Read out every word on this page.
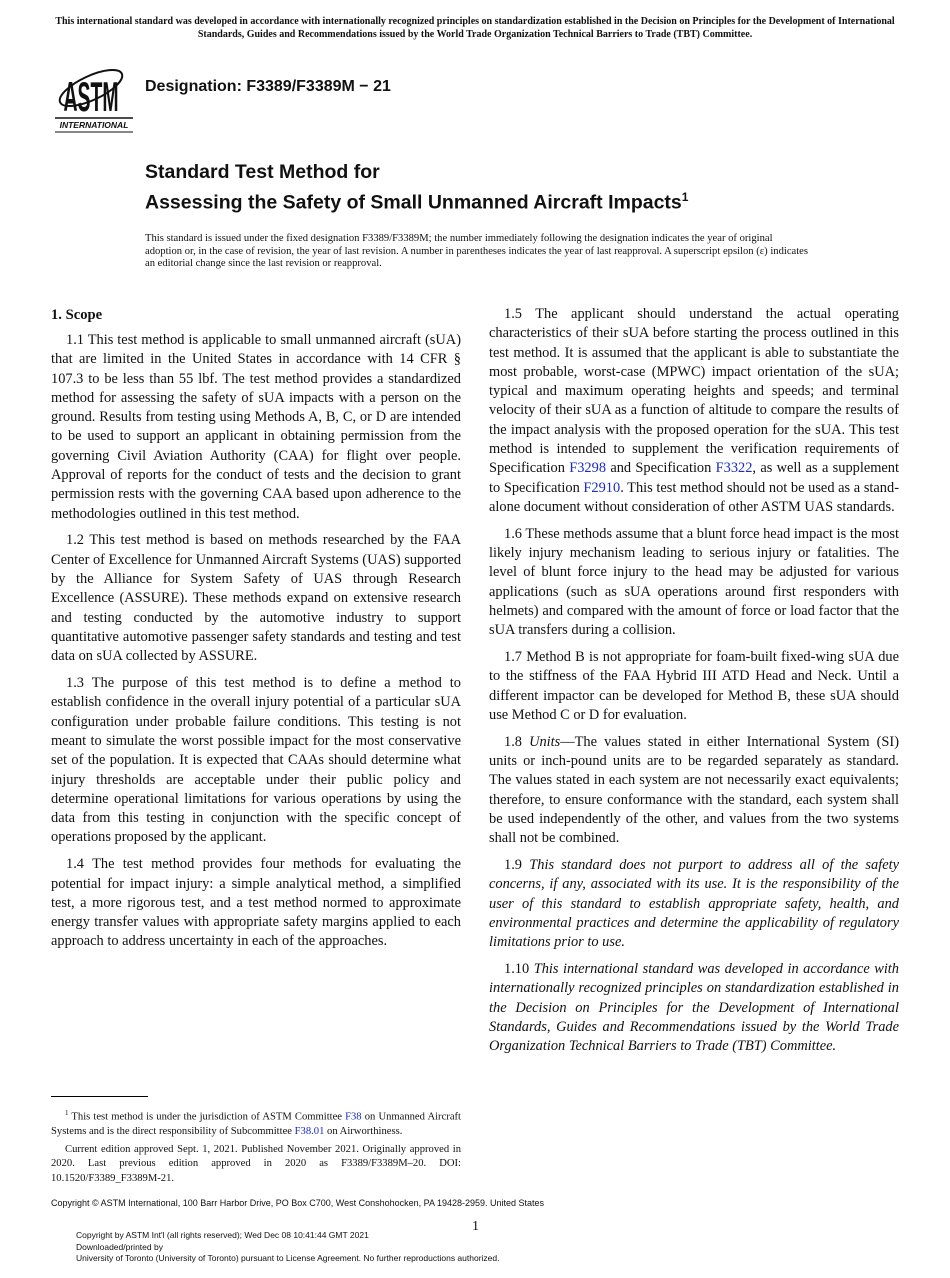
This international standard was developed in accordance with internationally recognized principles on standardization established in the Decision on Principles for the Development of International Standards, Guides and Recommendations issued by the World Trade Organization Technical Barriers to Trade (TBT) Committee.
ASTM
INTERNATIONAL
Designation: F3389/F3389M − 21
Standard Test Method for
Assessing the Safety of Small Unmanned Aircraft Impacts$^1$
This standard is issued under the fixed designation F3389/F3389M; the number immediately following the designation indicates the year of original adoption or, in the case of revision, the year of last revision. A number in parentheses indicates the year of last reapproval. A superscript epsilon (ε) indicates an editorial change since the last revision or reapproval.
1. Scope

1.1 This test method is applicable to small unmanned aircraft (sUA) that are limited in the United States in accordance with 14 CFR § 107.3 to be less than 55 lbf. The test method provides a standardized method for assessing the safety of sUA impacts with a person on the ground. Results from testing using Methods A, B, C, or D are intended to be used to support an applicant in obtaining permission from the governing Civil Aviation Authority (CAA) for flight over people. Approval of reports for the conduct of tests and the decision to grant permission rests with the governing CAA based upon adherence to the methodologies outlined in this test method.

1.2 This test method is based on methods researched by the FAA Center of Excellence for Unmanned Aircraft Systems (UAS) supported by the Alliance for System Safety of UAS through Research Excellence (ASSURE). These methods expand on extensive research and testing conducted by the automotive industry to support quantitative automotive passenger safety standards and testing and test data on sUA collected by ASSURE.

1.3 The purpose of this test method is to define a method to establish confidence in the overall injury potential of a particular sUA configuration under probable failure conditions. This testing is not meant to simulate the worst possible impact for the most conservative set of the population. It is expected that CAAs should determine what injury thresholds are acceptable under their public policy and determine operational limitations for various operations by using the data from this testing in conjunction with the specific concept of operations proposed by the applicant.

1.4 The test method provides four methods for evaluating the potential for impact injury: a simple analytical method, a simplified test, a more rigorous test, and a test method normed to approximate energy transfer values with appropriate safety margins applied to each approach to address uncertainty in each of the approaches.

$^1$ This test method is under the jurisdiction of ASTM Committee F38 on Unmanned Aircraft Systems and is the direct responsibility of Subcommittee F38.01 on Airworthiness.

Current edition approved Sept. 1, 2021. Published November 2021. Originally approved in 2020. Last previous edition approved in 2020 as F3389/F3389M–20. DOI: 10.1520/F3389_F3389M-21.

1.5 The applicant should understand the actual operating characteristics of their sUA before starting the process outlined in this test method. It is assumed that the applicant is able to substantiate the most probable, worst-case (MPWC) impact orientation of the sUA; typical and maximum operating heights and speeds; and terminal velocity of their sUA as a function of altitude to compare the results of the impact analysis with the proposed operation for the sUA. This test method is intended to supplement the verification requirements of Specification F3298 and Specification F3322, as well as a supplement to Specification F2910. This test method should not be used as a stand-alone document without consideration of other ASTM UAS standards.

1.6 These methods assume that a blunt force head impact is the most likely injury mechanism leading to serious injury or fatalities. The level of blunt force injury to the head may be adjusted for various applications (such as sUA operations around first responders with helmets) and compared with the amount of force or load factor that the sUA transfers during a collision.

1.7 Method B is not appropriate for foam-built fixed-wing sUA due to the stiffness of the FAA Hybrid III ATD Head and Neck. Until a different impactor can be developed for Method B, these sUA should use Method C or D for evaluation.

1.8 Units—The values stated in either International System (SI) units or inch-pound units are to be regarded separately as standard. The values stated in each system are not necessarily exact equivalents; therefore, to ensure conformance with the standard, each system shall be used independently of the other, and values from the two systems shall not be combined.

1.9 This standard does not purport to address all of the safety concerns, if any, associated with its use. It is the responsibility of the user of this standard to establish appropriate safety, health, and environmental practices and determine the applicability of regulatory limitations prior to use.

1.10 This international standard was developed in accordance with internationally recognized principles on standardization established in the Decision on Principles for the Development of International Standards, Guides and Recommendations issued by the World Trade Organization Technical Barriers to Trade (TBT) Committee.

Copyright © ASTM International, 100 Barr Harbor Drive, PO Box C700, West Conshohocken, PA 19428-2959. United States
1
Copyright by ASTM Int'l (all rights reserved); Wed Dec 08 10:41:44 GMT 2021
Downloaded/printed by
University of Toronto (University of Toronto) pursuant to License Agreement. No further reproductions authorized.
